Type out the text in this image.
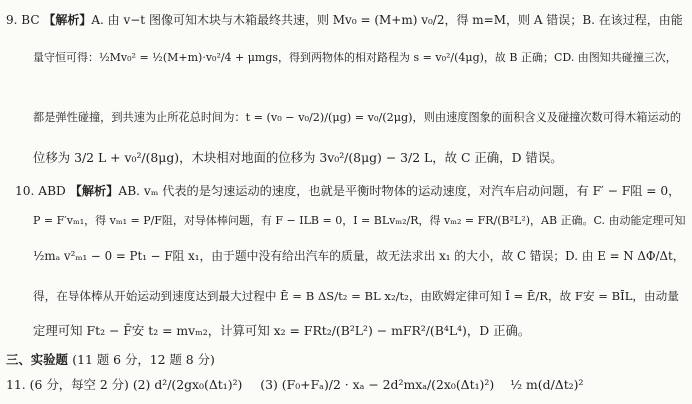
9. BC 【解析】A. 由 v−t 图像可知木块与木箱最终共速，则 Mv₀ = (M+m) v₀/2，得 m=M，则 A 错误；B. 在该过程，由能
量守恒可得：½Mv₀² = ½(M+m)·v₀²/4 + μmgs，得到两物体的相对路程为 s = v₀²/(4μg)，故 B 正确；CD. 由图知共碰撞三次，
都是弹性碰撞，到共速为止所花总时间为：t = (v₀ − v₀/2)/(μg) = v₀/(2μg)，则由速度图象的面积含义及碰撞次数可得木箱运动的
位移为 3/2 L + v₀²/(8μg)，木块相对地面的位移为 3v₀²/(8μg) − 3/2 L，故 C 正确，D 错误。
10. ABD 【解析】AB. vₘ 代表的是匀速运动的速度，也就是平衡时物体的运动速度，对汽车启动问题，有 F′ − F阻 = 0，
P = F′vₘ₁，得 vₘ₁ = P/F阻，对导体棒问题，有 F − ILB = 0，I = BLvₘ₂/R，得 vₘ₂ = FR/(B²L²)，AB 正确。C. 由动能定理可知
½mₐ v²ₘ₁ − 0 = Pt₁ − F阻 x₁，由于题中没有给出汽车的质量，故无法求出 x₁ 的大小，故 C 错误；D. 由 E = N ΔΦ/Δt，
得，在导体棒从开始运动到速度达到最大过程中 Ē = B ΔS/t₂ = BL x₂/t₂，由欧姆定律可知 Ī = Ē/R，故 F安 = BĪL，由动量
定理可知 Ft₂ − F̄安 t₂ = mvₘ₂，计算可知 x₂ = FRt₂/(B²L²) − mFR²/(B⁴L⁴)，D 正确。
三、实验题 (11 题 6 分，12 题 8 分)
11. (6 分，每空 2 分) (2) d²/(2gx₀(Δt₁)²) (3) (F₀+Fₐ)/2 · xₐ − 2d²mxₐ/(2x₀(Δt₁)²) ½ m(d/Δt₂)²
